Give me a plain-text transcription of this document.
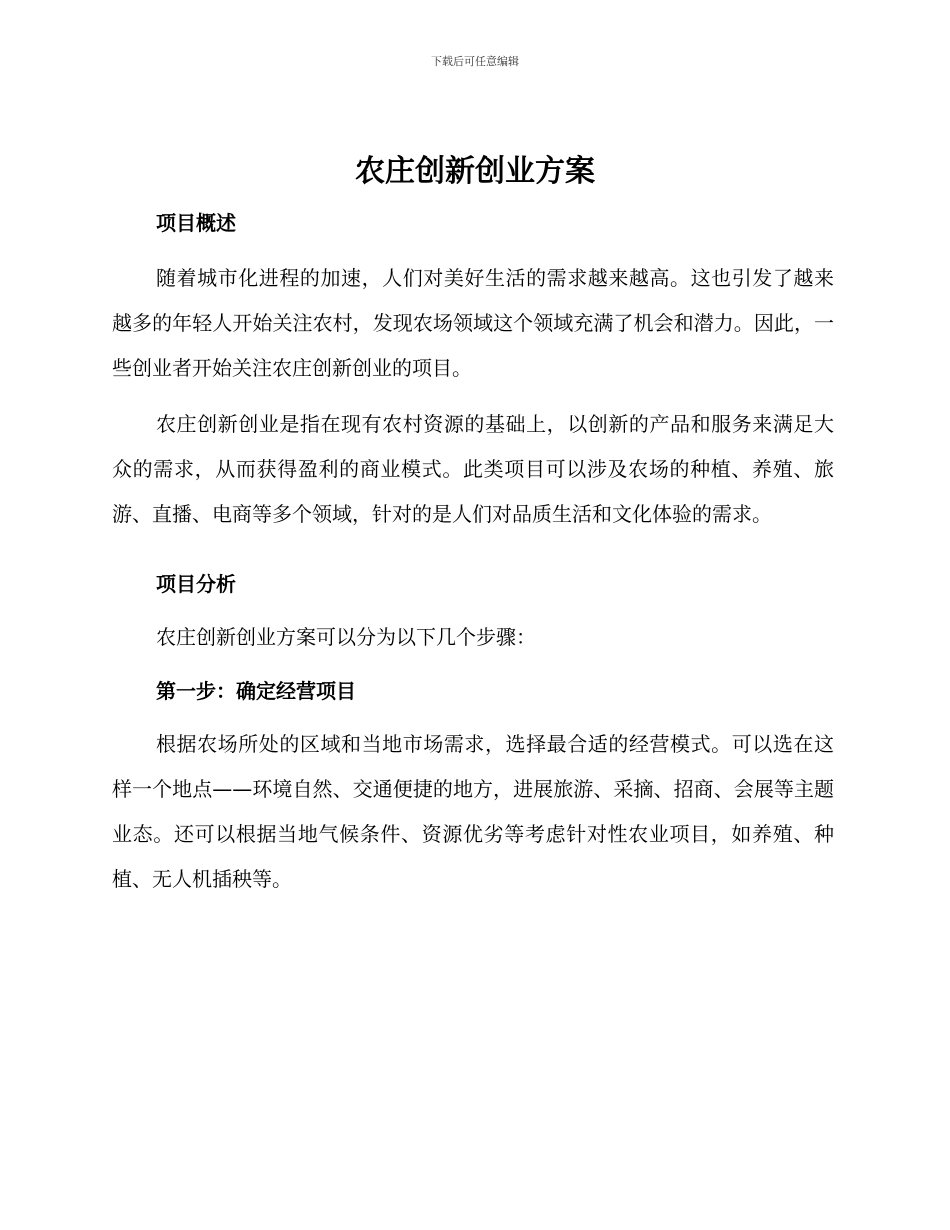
下载后可任意编辑
农庄创新创业方案

项目概述

随着城市化进程的加速，人们对美好生活的需求越来越高。这也引发了越来越多的年轻人开始关注农村，发现农场领域这个领域充满了机会和潜力。因此，一些创业者开始关注农庄创新创业的项目。

农庄创新创业是指在现有农村资源的基础上，以创新的产品和服务来满足大众的需求，从而获得盈利的商业模式。此类项目可以涉及农场的种植、养殖、旅游、直播、电商等多个领域，针对的是人们对品质生活和文化体验的需求。

项目分析

农庄创新创业方案可以分为以下几个步骤：

第一步：确定经营项目

根据农场所处的区域和当地市场需求，选择最合适的经营模式。可以选在这样一个地点——环境自然、交通便捷的地方，进展旅游、采摘、招商、会展等主题业态。还可以根据当地气候条件、资源优劣等考虑针对性农业项目，如养殖、种植、无人机插秧等。
